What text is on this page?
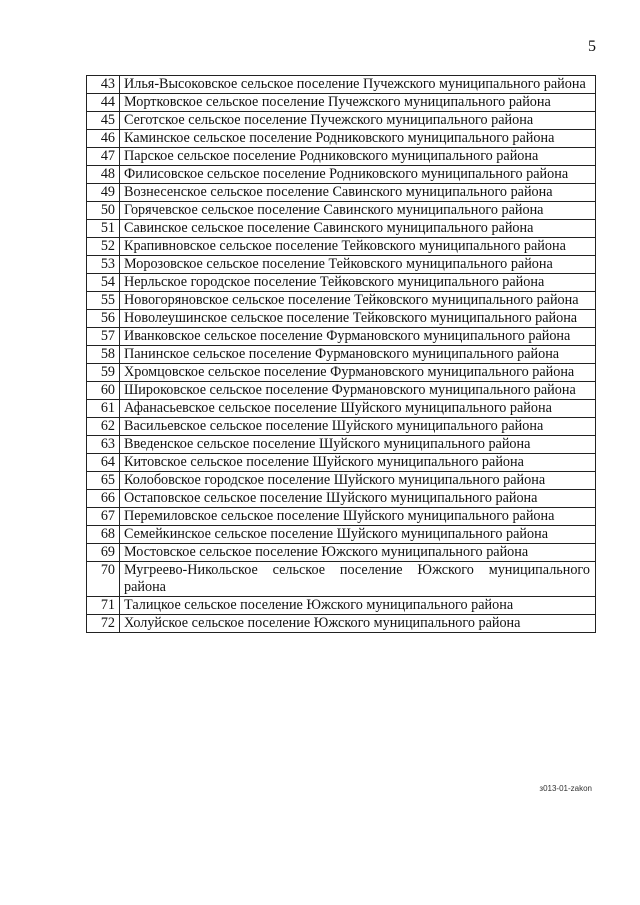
5
43	Илья-Высоковское сельское поселение Пучежского муниципального района
44	Мортковское сельское поселение Пучежского муниципального района
45	Сеготское сельское поселение Пучежского муниципального района
46	Каминское сельское поселение Родниковского муниципального района
47	Парское сельское поселение Родниковского муниципального района
48	Филисовское сельское поселение Родниковского муниципального района
49	Вознесенское сельское поселение Савинского муниципального района
50	Горячевское сельское поселение Савинского муниципального района
51	Савинское сельское поселение Савинского муниципального района
52	Крапивновское сельское поселение Тейковского муниципального района
53	Морозовское сельское поселение Тейковского муниципального района
54	Нерльское городское поселение Тейковского муниципального района
55	Новогоряновское сельское поселение Тейковского муниципального района
56	Новолеушинское сельское поселение Тейковского муниципального района
57	Иванковское сельское поселение Фурмановского муниципального района
58	Панинское сельское поселение Фурмановского муниципального района
59	Хромцовское сельское поселение Фурмановского муниципального района
60	Широковское сельское поселение Фурмановского муниципального района
61	Афанасьевское сельское поселение Шуйского муниципального района
62	Васильевское сельское поселение Шуйского муниципального района
63	Введенское сельское поселение Шуйского муниципального района
64	Китовское сельское поселение Шуйского муниципального района
65	Колобовское городское поселение Шуйского муниципального района
66	Остаповское сельское поселение Шуйского муниципального района
67	Перемиловское сельское поселение Шуйского муниципального района
68	Семейкинское сельское поселение Шуйского муниципального района
69	Мостовское сельское поселение Южского муниципального района
70	Мугреево-Никольское сельское поселение Южского муниципального района
71	Талицкое сельское поселение Южского муниципального района
72	Холуйское сельское поселение Южского муниципального района
з013-01-zakon
